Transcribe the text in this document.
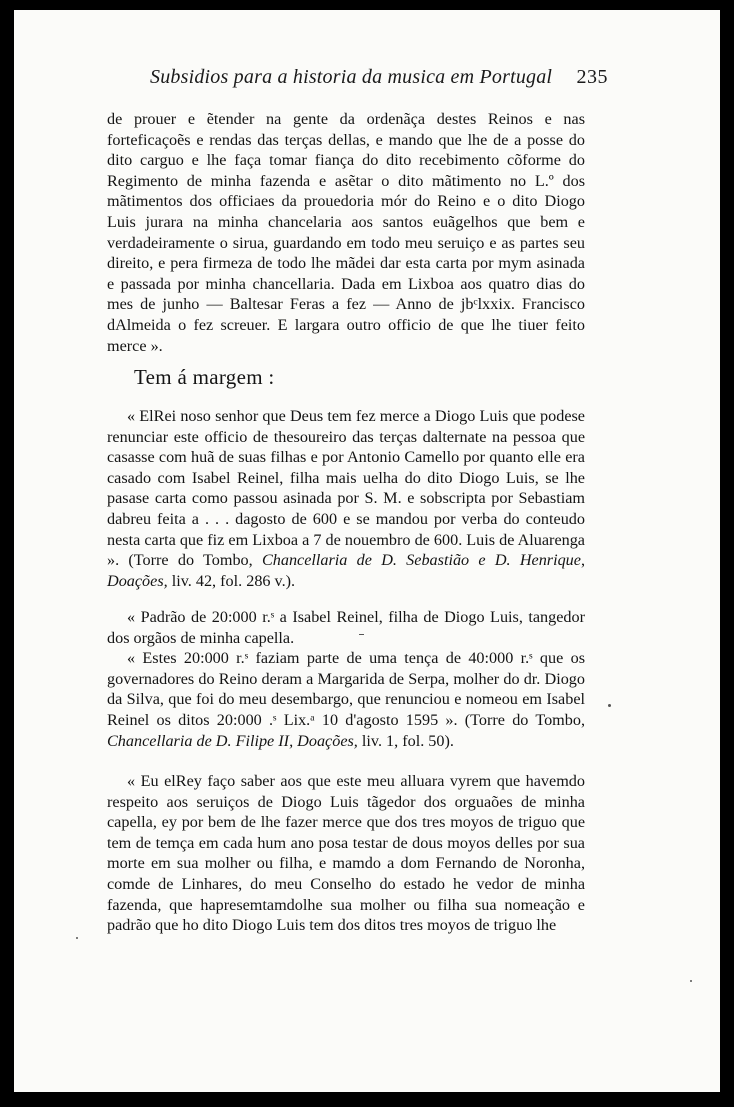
Subsidios para a historia da musica em Portugal 235

de prouer e ẽtender na gente da ordenãça destes Reinos e nas forteficaçoẽs e rendas das terças dellas, e mando que lhe de a posse do dito carguo e lhe faça tomar fiança do dito recebimento cõforme do Regimento de minha fazenda e asẽtar o dito mãtimento no L.º dos mãtimentos dos officiaes da prouedoria mór do Reino e o dito Diogo Luis jurara na minha chancelaria aos santos euãgelhos que bem e verdadeiramente o sirua, guardando em todo meu seruiço e as partes seu direito, e pera firmeza de todo lhe mãdei dar esta carta por mym asinada e passada por minha chancellaria. Dada em Lixboa aos quatro dias do mes de junho — Baltesar Feras a fez — Anno de jbᶜlxxix. Francisco dAlmeida o fez screuer. E largara outro officio de que lhe tiuer feito merce ».

Tem á margem :

« ElRei noso senhor que Deus tem fez merce a Diogo Luis que podese renunciar este officio de thesoureiro das terças dalternate na pessoa que casasse com huã de suas filhas e por Antonio Camello por quanto elle era casado com Isabel Reinel, filha mais uelha do dito Diogo Luis, se lhe pasase carta como passou asinada por S. M. e sobscripta por Sebastiam dabreu feita a . . . dagosto de 600 e se mandou por verba do conteudo nesta carta que fiz em Lixboa a 7 de nouembro de 600. Luis de Aluarenga ». (Torre do Tombo, Chancellaria de D. Sebastião e D. Henrique, Doações, liv. 42, fol. 286 v.).

« Padrão de 20:000 r.ˢ a Isabel Reinel, filha de Diogo Luis, tangedor dos orgãos de minha capella.

« Estes 20:000 r.ˢ faziam parte de uma tença de 40:000 r.ˢ que os governadores do Reino deram a Margarida de Serpa, molher do dr. Diogo da Silva, que foi do meu desembargo, que renunciou e nomeou em Isabel Reinel os ditos 20:000 .ˢ Lix.ᵃ 10 d'agosto 1595 ». (Torre do Tombo, Chancellaria de D. Filipe II, Doações, liv. 1, fol. 50).

« Eu elRey faço saber aos que este meu alluara vyrem que havemdo respeito aos seruiços de Diogo Luis tãgedor dos orguaões de minha capella, ey por bem de lhe fazer merce que dos tres moyos de triguo que tem de temça em cada hum ano posa testar de dous moyos delles por sua morte em sua molher ou filha, e mamdo a dom Fernando de Noronha, comde de Linhares, do meu Conselho do estado he vedor de minha fazenda, que hapresemtamdolhe sua molher ou filha sua nomeação e padrão que ho dito Diogo Luis tem dos ditos tres moyos de triguo lhe
